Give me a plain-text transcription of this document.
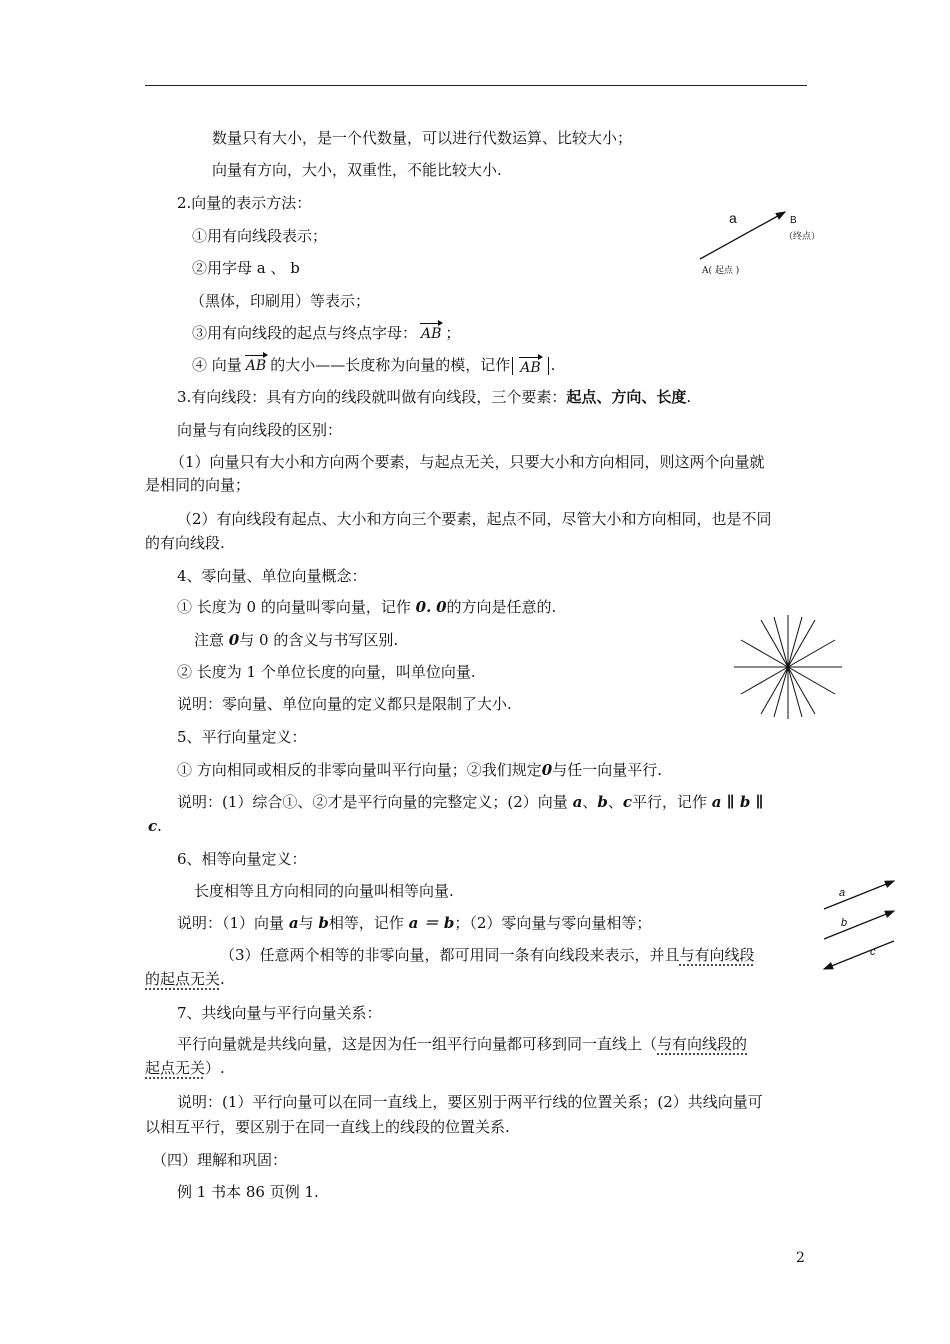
数量只有大小，是一个代数量，可以进行代数运算、比较大小；
向量有方向，大小，双重性，不能比较大小.
2.向量的表示方法：
①用有向线段表示；
②用字母 a 、 b
（黑体，印刷用）等表示；
③用有向线段的起点与终点字母： AB ；
④ 向量 AB 的大小——长度称为向量的模，记作 AB .
3.有向线段：具有方向的线段就叫做有向线段，三个要素：起点、方向、长度.
向量与有向线段的区别：
（1）向量只有大小和方向两个要素，与起点无关，只要大小和方向相同，则这两个向量就
是相同的向量；
（2）有向线段有起点、大小和方向三个要素，起点不同，尽管大小和方向相同，也是不同
的有向线段.
4、零向量、单位向量概念：
① 长度为 0 的向量叫零向量，记作 0. 0的方向是任意的.
注意 0与 0 的含义与书写区别.
② 长度为 1 个单位长度的向量，叫单位向量.
说明：零向量、单位向量的定义都只是限制了大小.
5、平行向量定义：
① 方向相同或相反的非零向量叫平行向量；②我们规定0与任一向量平行.
说明：(1）综合①、②才是平行向量的完整定义；(2）向量 a、b、c平行，记作 a ∥ b ∥
c.
6、相等向量定义：
长度相等且方向相同的向量叫相等向量.
说明：（1）向量 a与 b相等，记作 a ＝ b；（2）零向量与零向量相等；
（3）任意两个相等的非零向量，都可用同一条有向线段来表示，并且与有向线段
的起点无关.
7、共线向量与平行向量关系：
平行向量就是共线向量，这是因为任一组平行向量都可移到同一直线上（与有向线段的
起点无关）.
说明：(1）平行向量可以在同一直线上，要区别于两平行线的位置关系；(2）共线向量可
以相互平行，要区别于在同一直线上的线段的位置关系.
（四）理解和巩固：
例 1 书本 86 页例 1.
a	B
（终点）
A( 起点 )
a
b
c
2
